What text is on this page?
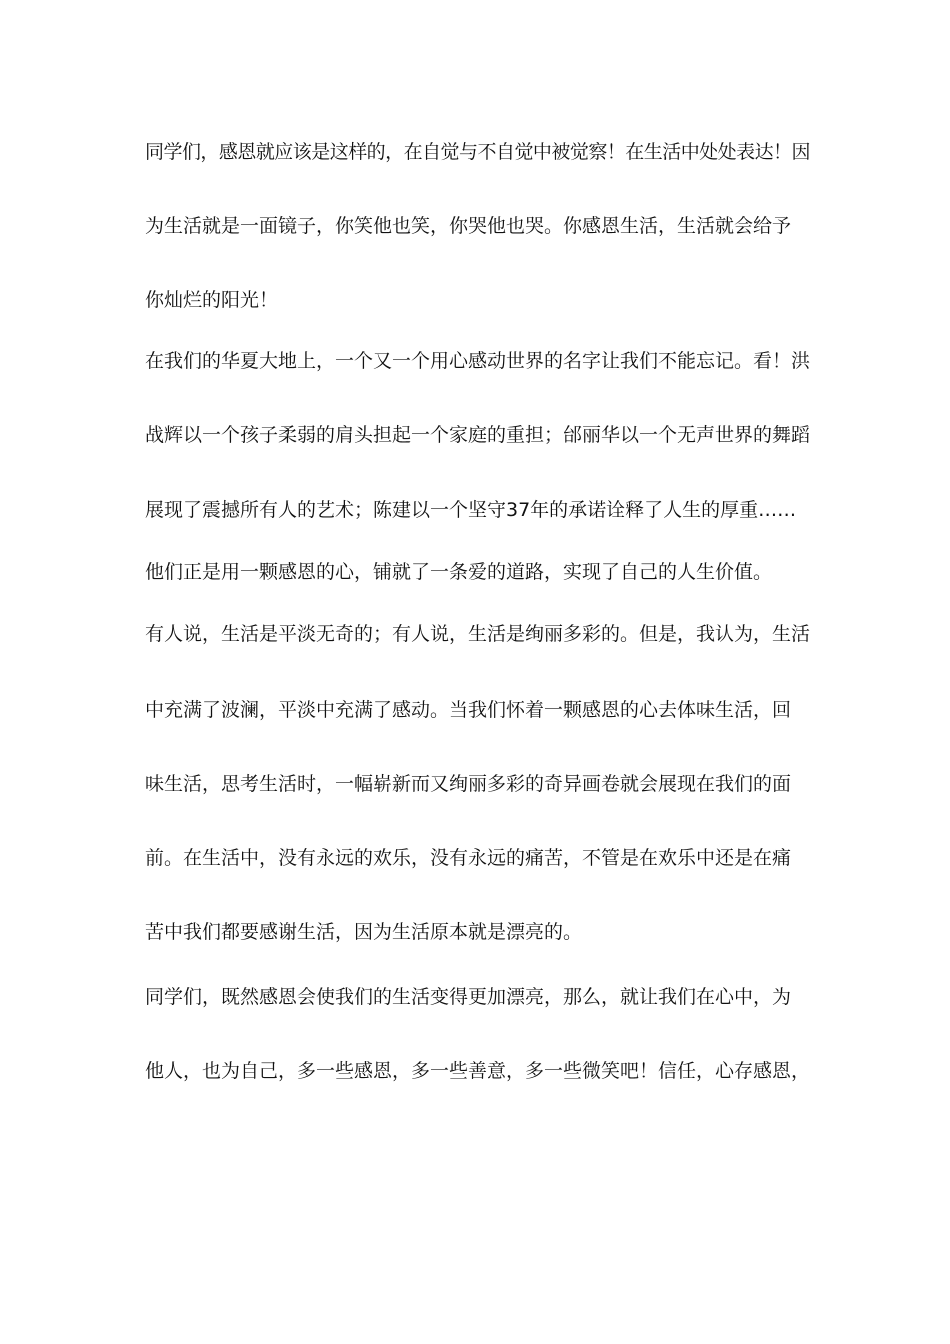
同学们，感恩就应该是这样的，在自觉与不自觉中被觉察！在生活中处处表达！因
为生活就是一面镜子，你笑他也笑，你哭他也哭。你感恩生活，生活就会给予
你灿烂的阳光！
在我们的华夏大地上，一个又一个用心感动世界的名字让我们不能忘记。看！洪
战辉以一个孩子柔弱的肩头担起一个家庭的重担；邰丽华以一个无声世界的舞蹈
展现了震撼所有人的艺术；陈建以一个坚守37年的承诺诠释了人生的厚重……
他们正是用一颗感恩的心，铺就了一条爱的道路，实现了自己的人生价值。
有人说，生活是平淡无奇的；有人说，生活是绚丽多彩的。但是，我认为，生活
中充满了波澜，平淡中充满了感动。当我们怀着一颗感恩的心去体味生活，回
味生活，思考生活时，一幅崭新而又绚丽多彩的奇异画卷就会展现在我们的面
前。在生活中，没有永远的欢乐，没有永远的痛苦，不管是在欢乐中还是在痛
苦中我们都要感谢生活，因为生活原本就是漂亮的。
同学们，既然感恩会使我们的生活变得更加漂亮，那么，就让我们在心中，为
他人，也为自己，多一些感恩，多一些善意，多一些微笑吧！信任，心存感恩，
